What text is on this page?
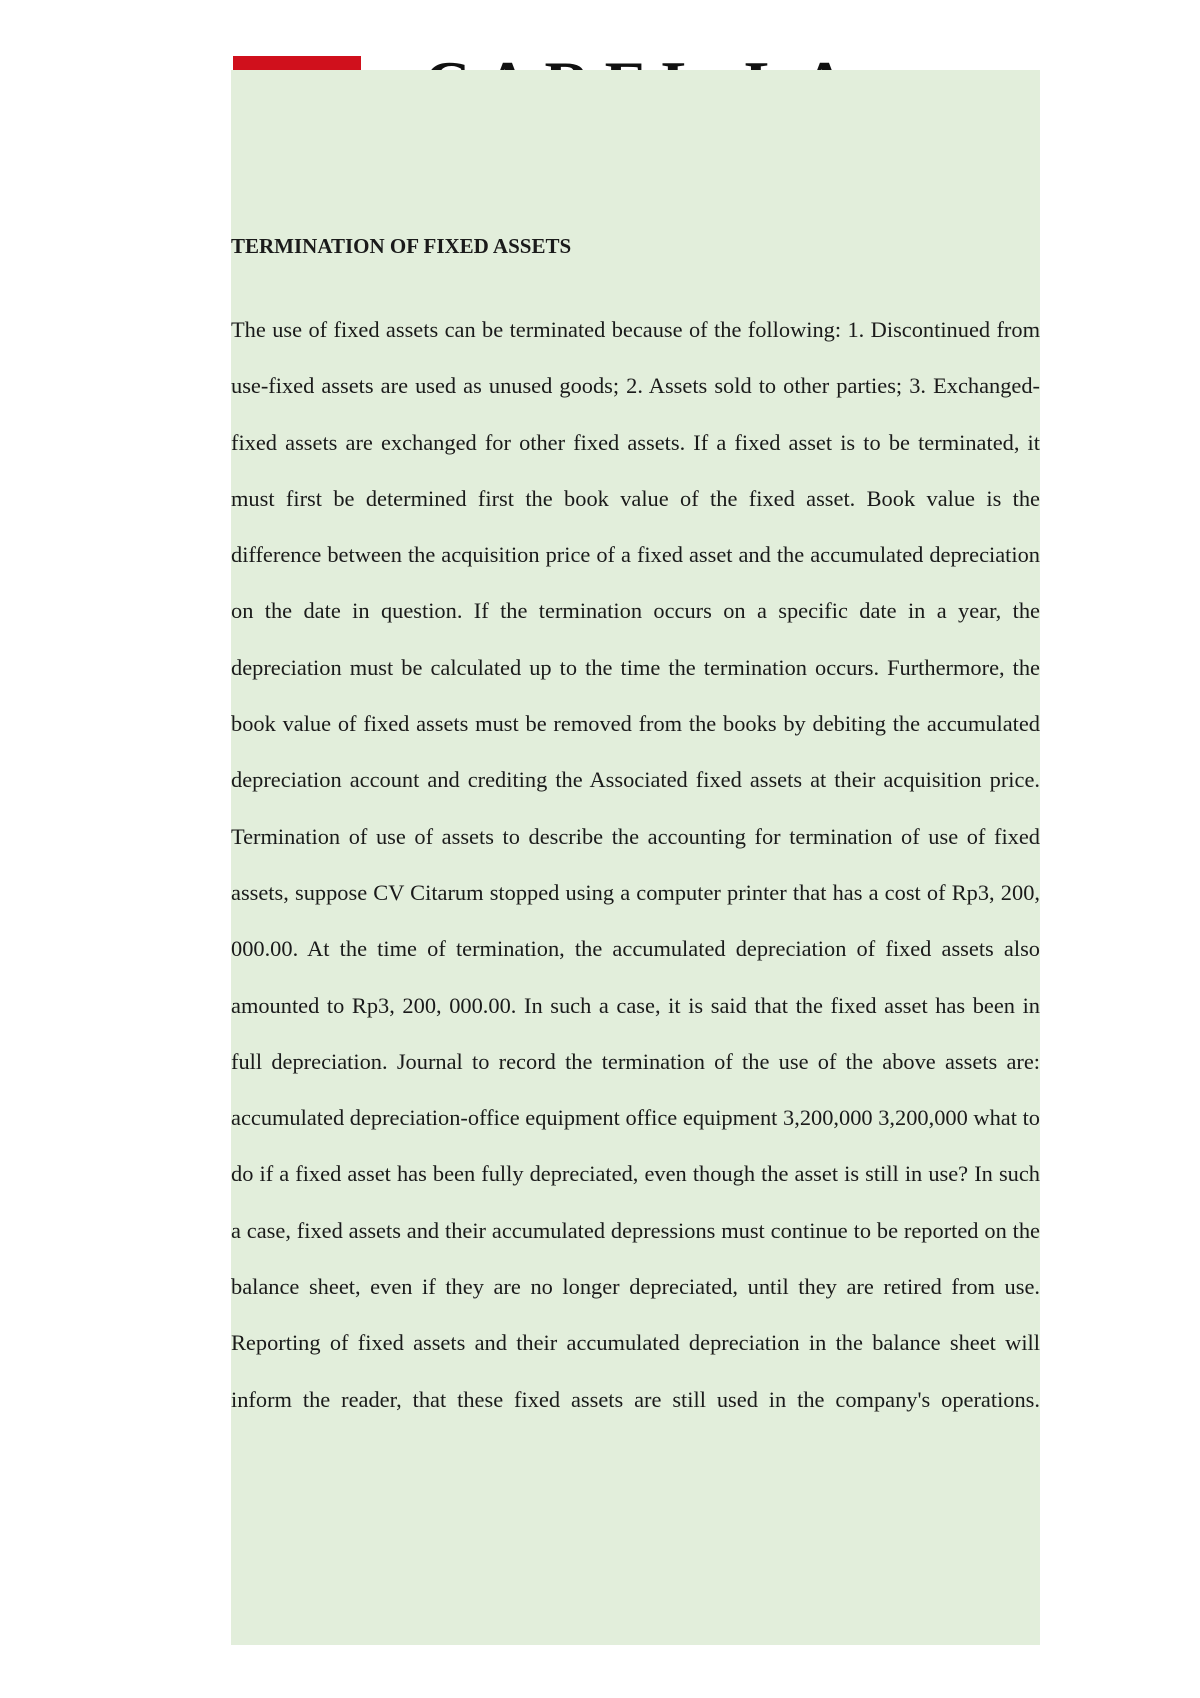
TERMINATION OF FIXED ASSETS

The use of fixed assets can be terminated because of the following: 1. Discontinued from use-fixed assets are used as unused goods; 2. Assets sold to other parties; 3. Exchanged-fixed assets are exchanged for other fixed assets. If a fixed asset is to be terminated, it must first be determined first the book value of the fixed asset. Book value is the difference between the acquisition price of a fixed asset and the accumulated depreciation on the date in question. If the termination occurs on a specific date in a year, the depreciation must be calculated up to the time the termination occurs. Furthermore, the book value of fixed assets must be removed from the books by debiting the accumulated depreciation account and crediting the Associated fixed assets at their acquisition price. Termination of use of assets to describe the accounting for termination of use of fixed assets, suppose CV Citarum stopped using a computer printer that has a cost of Rp3, 200, 000.00. At the time of termination, the accumulated depreciation of fixed assets also amounted to Rp3, 200, 000.00. In such a case, it is said that the fixed asset has been in full depreciation. Journal to record the termination of the use of the above assets are: accumulated depreciation-office equipment office equipment 3,200,000 3,200,000 what to do if a fixed asset has been fully depreciated, even though the asset is still in use? In such a case, fixed assets and their accumulated depressions must continue to be reported on the balance sheet, even if they are no longer depreciated, until they are retired from use. Reporting of fixed assets and their accumulated depreciation in the balance sheet will inform the reader, that these fixed assets are still used in the company's operations.
